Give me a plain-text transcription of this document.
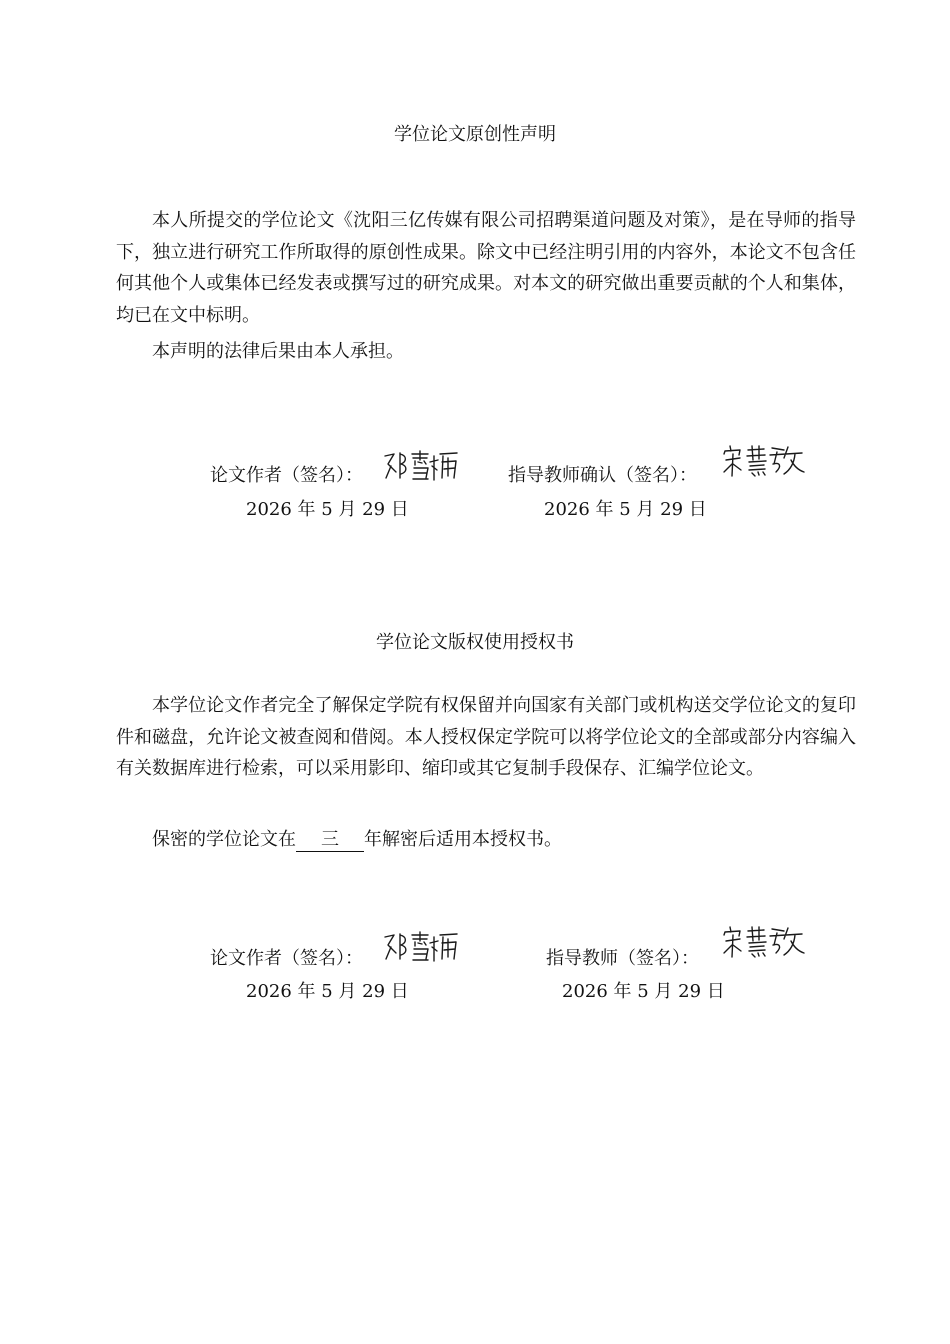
学位论文原创性声明

本人所提交的学位论文《沈阳三亿传媒有限公司招聘渠道问题及对策》，是在导师的指导下，独立进行研究工作所取得的原创性成果。除文中已经注明引用的内容外，本论文不包含任何其他个人或集体已经发表或撰写过的研究成果。对本文的研究做出重要贡献的个人和集体，均已在文中标明。

本声明的法律后果由本人承担。

论文作者（签名）：
2026 年 5 月 29 日
指导教师确认（签名）：
2026 年 5 月 29 日
学位论文版权使用授权书

本学位论文作者完全了解保定学院有权保留并向国家有关部门或机构送交学位论文的复印件和磁盘，允许论文被查阅和借阅。本人授权保定学院可以将学位论文的全部或部分内容编入有关数据库进行检索，可以采用影印、缩印或其它复制手段保存、汇编学位论文。

保密的学位论文在 三 年解密后适用本授权书。
论文作者（签名）：
2026 年 5 月 29 日
指导教师（签名）：
2026 年 5 月 29 日
